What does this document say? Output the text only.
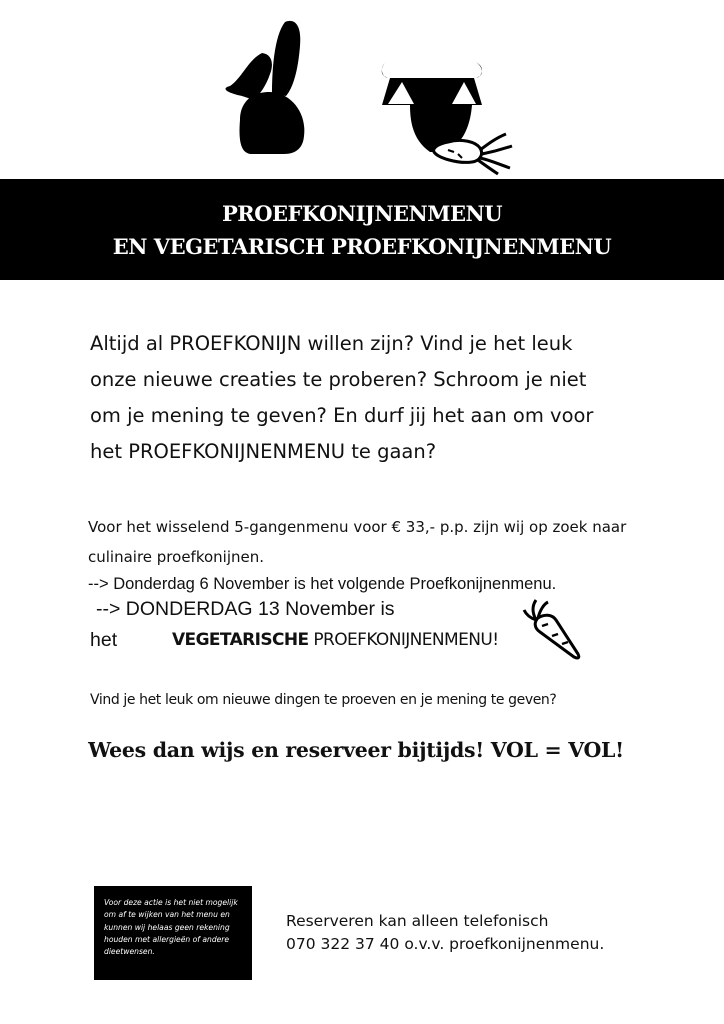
PROEFKONIJNENMENU
EN VEGETARISCH PROEFKONIJNENMENU
Altijd al PROEFKONIJN willen zijn? Vind je het leuk
onze nieuwe creaties te proberen? Schroom je niet
om je mening te geven? En durf jij het aan om voor
het PROEFKONIJNENMENU te gaan?
Voor het wisselend 5-gangenmenu voor € 33,- p.p. zijn wij op zoek naar
culinaire proefkonijnen.
--> Donderdag 6 November is het volgende Proefkonijnenmenu.
--> DONDERDAG 13 November is
het	VEGETARISCHE PROEFKONIJNENMENU!
Vind je het leuk om nieuwe dingen te proeven en je mening te geven?
Wees dan wijs en reserveer bijtijds! VOL = VOL!
Voor deze actie is het niet mogelijk
om af te wijken van het menu en
kunnen wij helaas geen rekening
houden met allergieën of andere
dieetwensen.
Reserveren kan alleen telefonisch
070 322 37 40 o.v.v. proefkonijnenmenu.
